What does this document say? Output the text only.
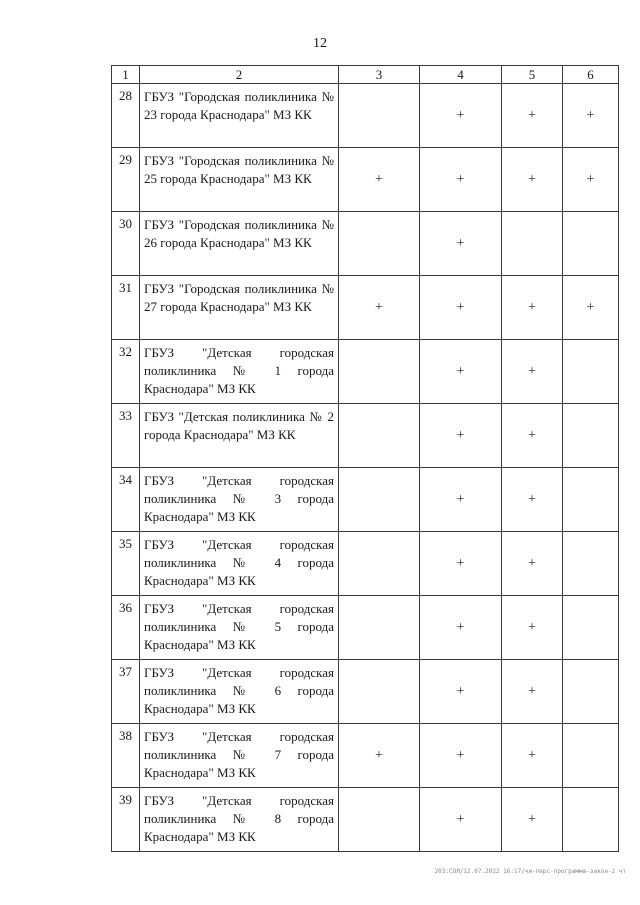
12
1	2	3	4	5	6
28	ГБУЗ "Городская поликлиника № 23 города Краснодара" МЗ КК		+	+	+
29	ГБУЗ "Городская поликлиника № 25 города Краснодара" МЗ КК	+	+	+	+
30	ГБУЗ "Городская поликлиника № 26 города Краснодара" МЗ КК		+		
31	ГБУЗ "Городская поликлиника № 27 города Краснодара" МЗ КК	+	+	+	+
32	ГБУЗ "Детская городская поликлиника № 1 города Краснодара" МЗ КК		+	+	
33	ГБУЗ "Детская поликлиника № 2 города Краснодара" МЗ КК		+	+	
34	ГБУЗ "Детская городская поликлиника № 3 города Краснодара" МЗ КК		+	+	
35	ГБУЗ "Детская городская поликлиника № 4 города Краснодара" МЗ КК		+	+	
36	ГБУЗ "Детская городская поликлиника № 5 города Краснодара" МЗ КК		+	+	
37	ГБУЗ "Детская городская поликлиника № 6 города Краснодара" МЗ КК		+	+	
38	ГБУЗ "Детская городская поликлиника № 7 города Краснодара" МЗ КК	+	+	+	
39	ГБУЗ "Детская городская поликлиника № 8 города Краснодара" МЗ КК		+	+	
203:СОЯ/12.07.2022 16:17/чи-перс-программа-закон-2 чт
